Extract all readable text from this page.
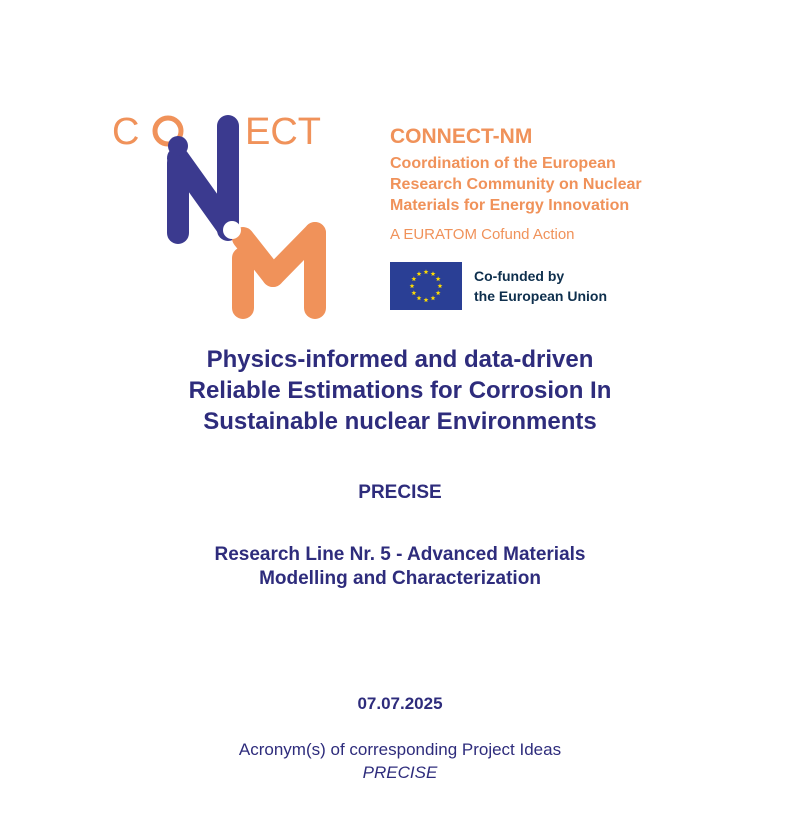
C	ECT	CONNECT-NM
Coordination of the European
Research Community on Nuclear
Materials for Energy Innovation
A EURATOM Cofund Action
Co-funded by
the European Union
Physics-informed and data-driven
Reliable Estimations for Corrosion In
Sustainable nuclear Environments
PRECISE
Research Line Nr. 5 - Advanced Materials
Modelling and Characterization
07.07.2025
Acronym(s) of corresponding Project Ideas
PRECISE
